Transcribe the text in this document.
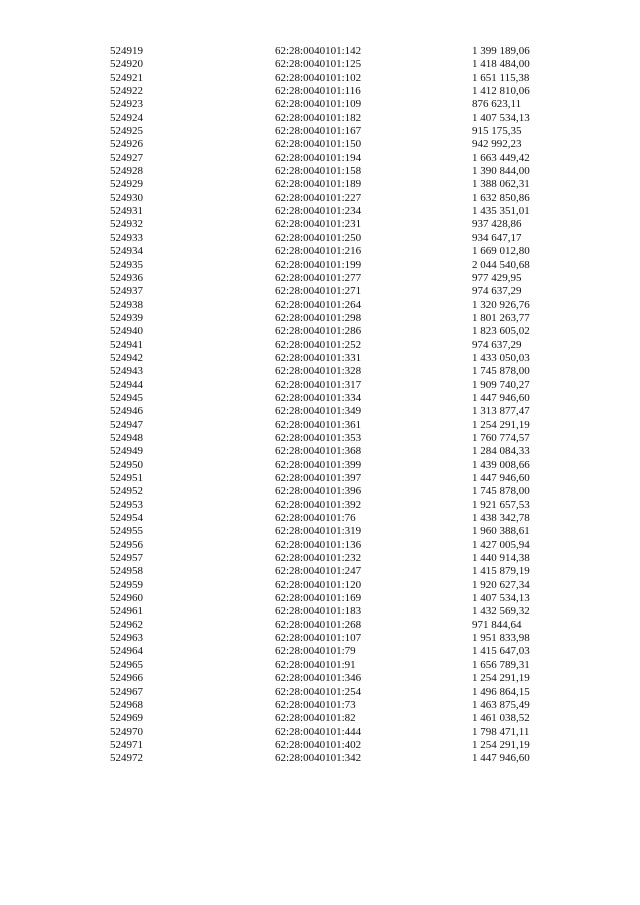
524919	62:28:0040101:142	1 399 189,06
524920	62:28:0040101:125	1 418 484,00
524921	62:28:0040101:102	1 651 115,38
524922	62:28:0040101:116	1 412 810,06
524923	62:28:0040101:109	876 623,11
524924	62:28:0040101:182	1 407 534,13
524925	62:28:0040101:167	915 175,35
524926	62:28:0040101:150	942 992,23
524927	62:28:0040101:194	1 663 449,42
524928	62:28:0040101:158	1 390 844,00
524929	62:28:0040101:189	1 388 062,31
524930	62:28:0040101:227	1 632 850,86
524931	62:28:0040101:234	1 435 351,01
524932	62:28:0040101:231	937 428,86
524933	62:28:0040101:250	934 647,17
524934	62:28:0040101:216	1 669 012,80
524935	62:28:0040101:199	2 044 540,68
524936	62:28:0040101:277	977 429,95
524937	62:28:0040101:271	974 637,29
524938	62:28:0040101:264	1 320 926,76
524939	62:28:0040101:298	1 801 263,77
524940	62:28:0040101:286	1 823 605,02
524941	62:28:0040101:252	974 637,29
524942	62:28:0040101:331	1 433 050,03
524943	62:28:0040101:328	1 745 878,00
524944	62:28:0040101:317	1 909 740,27
524945	62:28:0040101:334	1 447 946,60
524946	62:28:0040101:349	1 313 877,47
524947	62:28:0040101:361	1 254 291,19
524948	62:28:0040101:353	1 760 774,57
524949	62:28:0040101:368	1 284 084,33
524950	62:28:0040101:399	1 439 008,66
524951	62:28:0040101:397	1 447 946,60
524952	62:28:0040101:396	1 745 878,00
524953	62:28:0040101:392	1 921 657,53
524954	62:28:0040101:76	1 438 342,78
524955	62:28:0040101:319	1 960 388,61
524956	62:28:0040101:136	1 427 005,94
524957	62:28:0040101:232	1 440 914,38
524958	62:28:0040101:247	1 415 879,19
524959	62:28:0040101:120	1 920 627,34
524960	62:28:0040101:169	1 407 534,13
524961	62:28:0040101:183	1 432 569,32
524962	62:28:0040101:268	971 844,64
524963	62:28:0040101:107	1 951 833,98
524964	62:28:0040101:79	1 415 647,03
524965	62:28:0040101:91	1 656 789,31
524966	62:28:0040101:346	1 254 291,19
524967	62:28:0040101:254	1 496 864,15
524968	62:28:0040101:73	1 463 875,49
524969	62:28:0040101:82	1 461 038,52
524970	62:28:0040101:444	1 798 471,11
524971	62:28:0040101:402	1 254 291,19
524972	62:28:0040101:342	1 447 946,60
